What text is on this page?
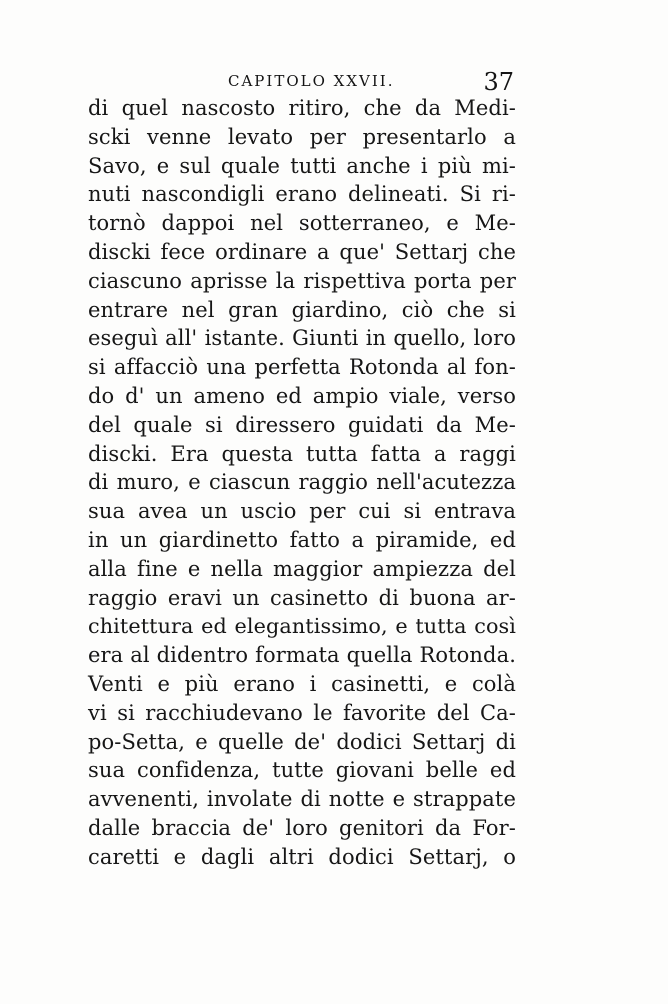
CAPITOLO XXVII.	37
di quel nascosto ritiro, che da Medi-
scki venne levato per presentarlo a
Savo, e sul quale tutti anche i più mi-
nuti nascondigli erano delineati. Si ri-
tornò dappoi nel sotterraneo, e Me-
discki fece ordinare a que' Settarj che
ciascuno aprisse la rispettiva porta per
entrare nel gran giardino, ciò che si
eseguì all' istante. Giunti in quello, loro
si affacciò una perfetta Rotonda al fon-
do d' un ameno ed ampio viale, verso
del quale si diressero guidati da Me-
discki. Era questa tutta fatta a raggi
di muro, e ciascun raggio nell'acutezza
sua avea un uscio per cui si entrava
in un giardinetto fatto a piramide, ed
alla fine e nella maggior ampiezza del
raggio eravi un casinetto di buona ar-
chitettura ed elegantissimo, e tutta così
era al didentro formata quella Rotonda.
Venti e più erano i casinetti, e colà
vi si racchiudevano le favorite del Ca-
po-Setta, e quelle de' dodici Settarj di
sua confidenza, tutte giovani belle ed
avvenenti, involate di notte e strappate
dalle braccia de' loro genitori da For-
caretti e dagli altri dodici Settarj, o
